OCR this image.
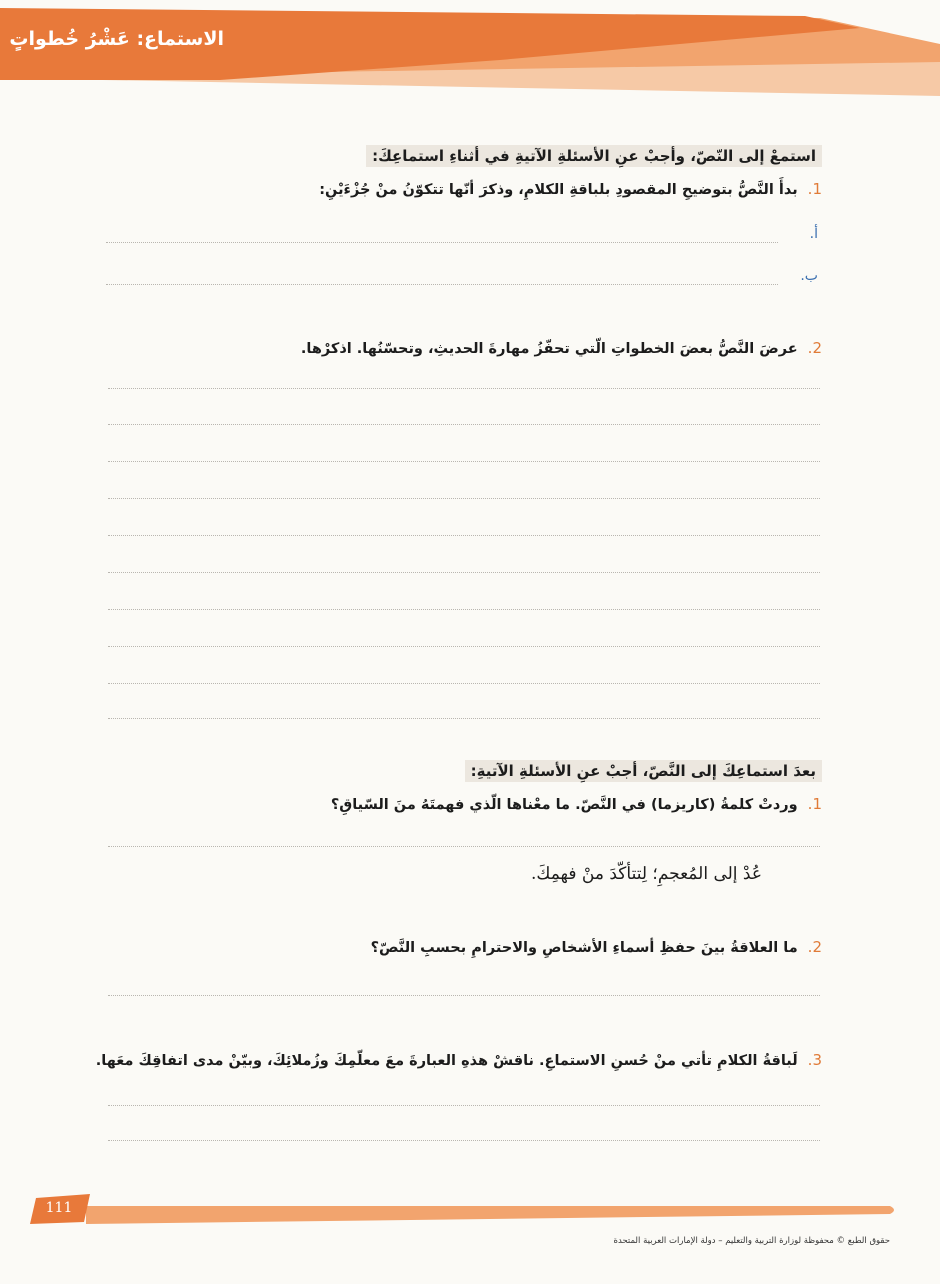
الاستماع: عَشْرُ خُطواتٍ
استمعْ إلى النّصّ، وأجبْ عنِ الأسئلةِ الآتيةِ في أثناءِ استماعِكَ:
1.
بدأَ النَّصُّ بتوضيحِ المقصودِ بلباقةِ الكلامِ، وذكرَ أنّها تتكوّنُ منْ جُزْءَيْنِ:
أ.
ب.
2.
عرضَ النَّصُّ بعضَ الخطواتِ الّتي تحفّزُ مهارةَ الحديثِ، وتحسّنُها. اذكرْها.
بعدَ استماعِكَ إلى النَّصّ، أجبْ عنِ الأسئلةِ الآتيةِ:
1.
وردتْ كلمةُ (كاريزما) في النَّصّ. ما معْناها الّذي فهمتَهُ منَ السّياقِ؟
عُدْ إلى المُعجمِ؛ لِتتأكّدَ منْ فهمِكَ.
2.
ما العلاقةُ بينَ حفظِ أسماءِ الأشخاصِ والاحترامِ بحسبِ النَّصّ؟
3.
لَباقةُ الكلامِ تأتي منْ حُسنِ الاستماعِ. ناقشْ هذهِ العبارةَ معَ معلّمِكَ وزُملائِكَ، وبيّنْ مدى اتفاقِكَ معَها.
111
حقوق الطبع © محفوظة لوزارة التربية والتعليم – دولة الإمارات العربية المتحدة
